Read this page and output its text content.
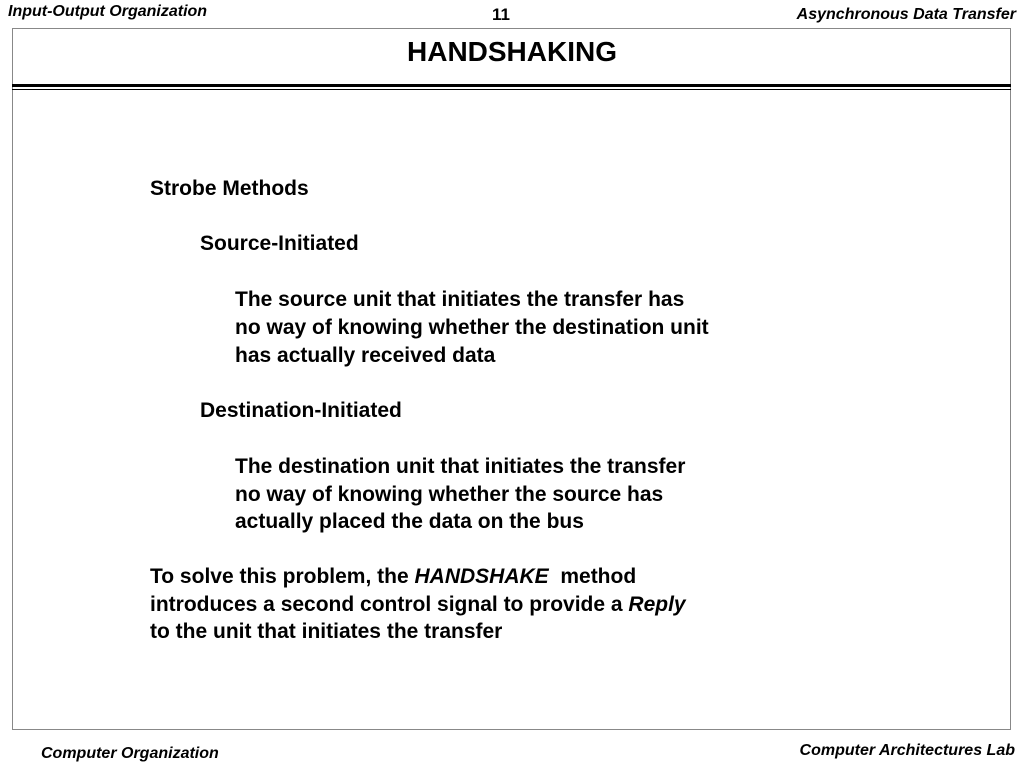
Input-Output Organization	11	Asynchronous Data Transfer
HANDSHAKING
Strobe Methods
Source-Initiated
The source unit that initiates the transfer has
no way of knowing whether the destination unit
has actually received data
Destination-Initiated
The destination unit that initiates the transfer
no way of knowing whether the source has
actually placed the data on the bus
To solve this problem, the HANDSHAKE  method
introduces a second control signal to provide a Reply
to the unit that initiates the transfer
Computer Organization	Computer Architectures Lab
